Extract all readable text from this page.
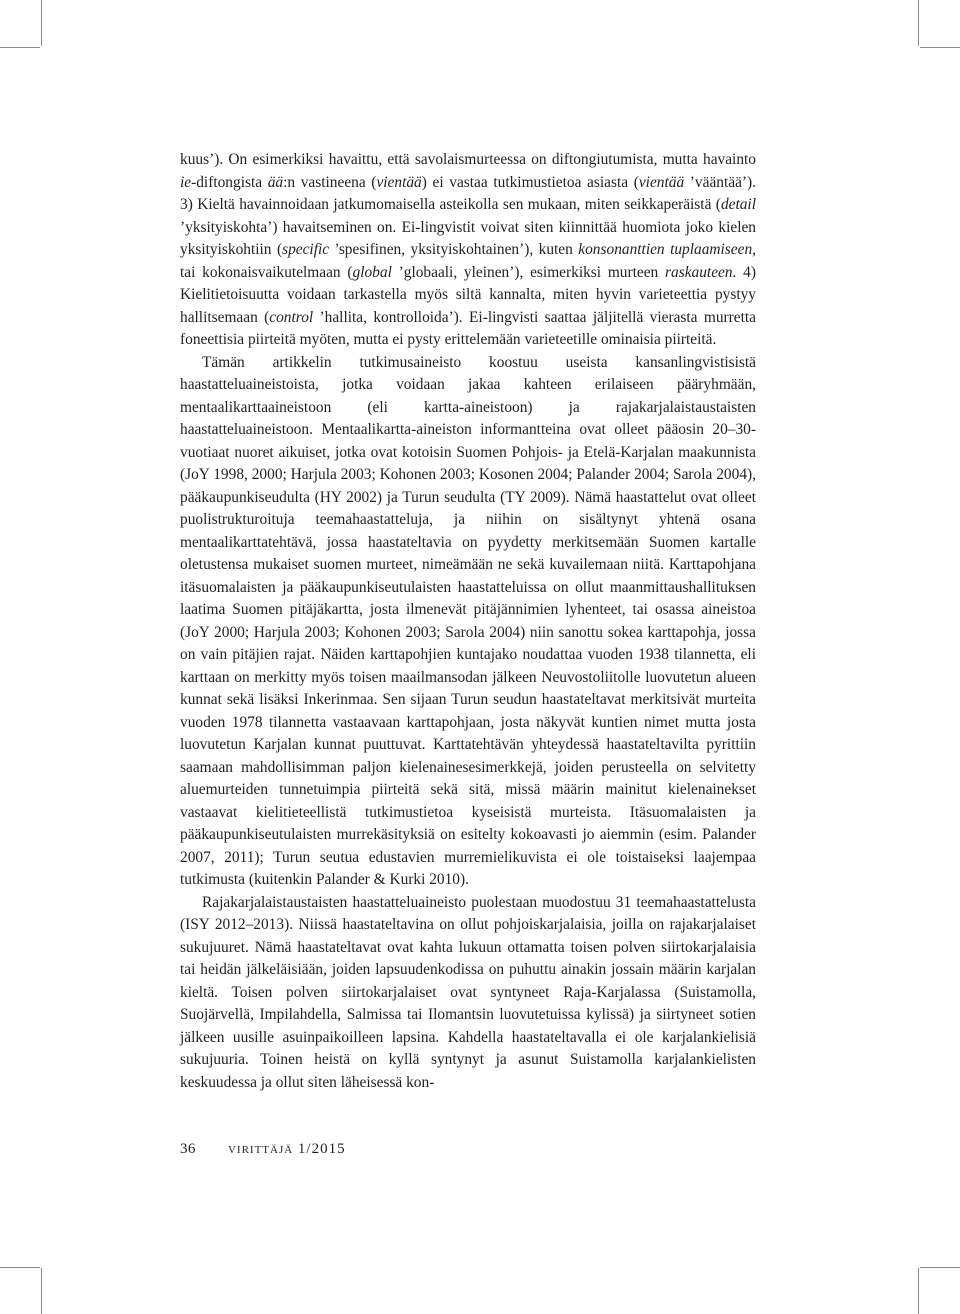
kuus’). On esimerkiksi havaittu, että savolaismurteessa on diftongiutumista, mutta havainto ie-diftongista ää:n vastineena (vientää) ei vastaa tutkimustietoa asiasta (vientää ’vääntää’). 3) Kieltä havainnoidaan jatkumomaisella asteikolla sen mukaan, miten seikkaperäistä (detail ’yksityiskohta’) havaitseminen on. Ei-lingvistit voivat siten kiinnittää huomiota joko kielen yksityiskohtiin (specific ’spesifinen, yksityiskohtainen’), kuten konsonanttien tuplaamiseen, tai kokonaisvaikutelmaan (global ’globaali, yleinen’), esimerkiksi murteen raskauteen. 4) Kielitietoisuutta voidaan tarkastella myös siltä kannalta, miten hyvin varieteettia pystyy hallitsemaan (control ’hallita, kontrolloida’). Ei-lingvisti saattaa jäljitellä vierasta murretta foneettisia piirteitä myöten, mutta ei pysty erittelemään varieteetille ominaisia piirteitä.

Tämän artikkelin tutkimusaineisto koostuu useista kansanlingvistisistä haastatteluaineistoista, jotka voidaan jakaa kahteen erilaiseen pääryhmään, mentaalikarttaaineistoon (eli kartta-aineistoon) ja rajakarjalaistaustaisten haastatteluaineistoon. Mentaalikartta-aineiston informantteina ovat olleet pääosin 20–30-vuotiaat nuoret aikuiset, jotka ovat kotoisin Suomen Pohjois- ja Etelä-Karjalan maakunnista (JoY 1998, 2000; Harjula 2003; Kohonen 2003; Kosonen 2004; Palander 2004; Sarola 2004), pääkaupunkiseudulta (HY 2002) ja Turun seudulta (TY 2009). Nämä haastattelut ovat olleet puolistrukturoituja teemahaastatteluja, ja niihin on sisältynyt yhtenä osana mentaalikarttatehtävä, jossa haastateltavia on pyydetty merkitsemään Suomen kartalle oletustensa mukaiset suomen murteet, nimeämään ne sekä kuvailemaan niitä. Karttapohjana itäsuomalaisten ja pääkaupunkiseutulaisten haastatteluissa on ollut maanmittaushallituksen laatima Suomen pitäjäkartta, josta ilmenevät pitäjännimien lyhenteet, tai osassa aineistoa (JoY 2000; Harjula 2003; Kohonen 2003; Sarola 2004) niin sanottu sokea karttapohja, jossa on vain pitäjien rajat. Näiden karttapohjien kuntajako noudattaa vuoden 1938 tilannetta, eli karttaan on merkitty myös toisen maailmansodan jälkeen Neuvostoliitolle luovutetun alueen kunnat sekä lisäksi Inkerinmaa. Sen sijaan Turun seudun haastateltavat merkitsivät murteita vuoden 1978 tilannetta vastaavaan karttapohjaan, josta näkyvät kuntien nimet mutta josta luovutetun Karjalan kunnat puuttuvat. Karttatehtävän yhteydessä haastateltavilta pyrittiin saamaan mahdollisimman paljon kielenainesesimerkkejä, joiden perusteella on selvitetty aluemurteiden tunnetuimpia piirteitä sekä sitä, missä määrin mainitut kielenainekset vastaavat kielitieteellistä tutkimustietoa kyseisistä murteista. Itäsuomalaisten ja pääkaupunkiseutulaisten murrekäsityksiä on esitelty kokoavasti jo aiemmin (esim. Palander 2007, 2011); Turun seutua edustavien murremielikuvista ei ole toistaiseksi laajempaa tutkimusta (kuitenkin Palander & Kurki 2010).

Rajakarjalaistaustaisten haastatteluaineisto puolestaan muodostuu 31 teemahaastattelusta (ISY 2012–2013). Niissä haastateltavina on ollut pohjoiskarjalaisia, joilla on rajakarjalaiset sukujuuret. Nämä haastateltavat ovat kahta lukuun ottamatta toisen polven siirtokarjalaisia tai heidän jälkeläisiään, joiden lapsuudenkodissa on puhuttu ainakin jossain määrin karjalan kieltä. Toisen polven siirtokarjalaiset ovat syntyneet Raja-Karjalassa (Suistamolla, Suojärvellä, Impilahdella, Salmissa tai Ilomantsin luovutetuissa kylissä) ja siirtyneet sotien jälkeen uusille asuinpaikoilleen lapsina. Kahdella haastateltavalla ei ole karjalankielisiä sukujuuria. Toinen heistä on kyllä syntynyt ja asunut Suistamolla karjalankielisten keskuudessa ja ollut siten läheisessä kon-

36 virittäjä 1/2015
